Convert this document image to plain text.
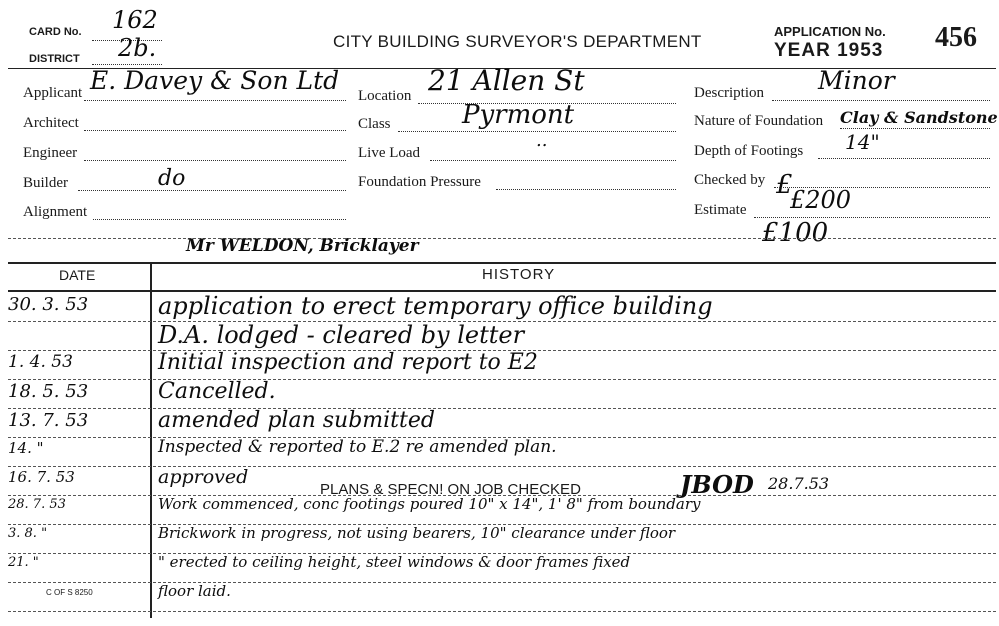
CARD No. 162
DISTRICT 2b.	CITY BUILDING SURVEYOR'S DEPARTMENT
APPLICATION No.
YEAR 1953 456
Applicant E. Davey & Son Ltd
Architect
Engineer
Builder	do
Alignment
Location 21 Allen St
Class	Pyrmont
Live Load
..
Foundation Pressure
Description Minor
Nature of Foundation Clay & Sandstone
Depth of Footings 14"
Checked by £
Estimate £200
£100
Mr WELDON, Bricklayer
DATE	HISTORY
30. 3. 53	application to erect temporary office building
D.A. lodged - cleared by letter
1. 4. 53	Initial inspection and report to E2
18. 5. 53	Cancelled.
13. 7. 53	amended plan submitted
14. "	Inspected & reported to E.2 re amended plan.
16. 7. 53	approved
28. 7. 53	Work commenced, conc footings poured 10" x 14", 1' 8" from boundary
3. 8. "	Brickwork in progress, not using bearers, 10" clearance under floor
21. "	" erected to ceiling height, steel windows & door frames fixed
floor laid.
PLANS & SPECN! ON JOB CHECKED	JBOD 28.7.53
C OF S 8250
